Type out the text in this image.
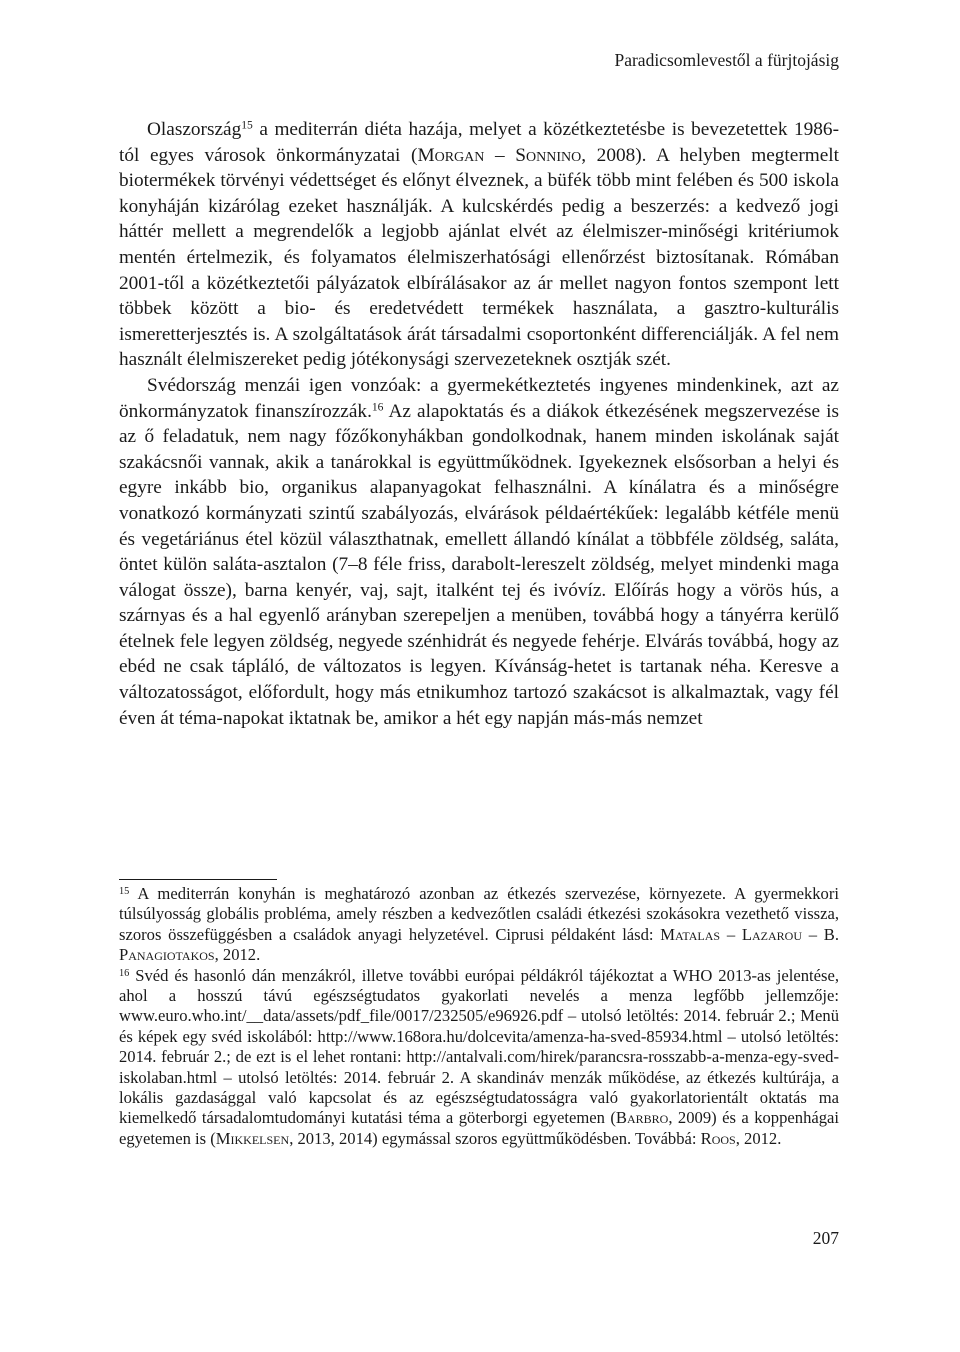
Paradicsomlevestől a fürjtojásig

Olaszország$^{15}$ a mediterrán diéta hazája, melyet a közétkeztetésbe is bevezetettek 1986-tól egyes városok önkormányzatai (Morgan – Sonnino, 2008). A helyben megtermelt biotermékek törvényi védettséget és előnyt élveznek, a büfék több mint felében és 500 iskola konyháján kizárólag ezeket használják. A kulcskérdés pedig a beszerzés: a kedvező jogi háttér mellett a megrendelők a legjobb ajánlat elvét az élelmiszer-minőségi kritériumok mentén értelmezik, és folyamatos élelmiszerhatósági ellenőrzést biztosítanak. Rómában 2001-től a közétkeztetői pályázatok elbírálásakor az ár mellet nagyon fontos szempont lett többek között a bio- és eredetvédett termékek használata, a gasztro-kulturális ismeretterjesztés is. A szolgáltatások árát társadalmi csoportonként differenciálják. A fel nem használt élelmiszereket pedig jótékonysági szervezeteknek osztják szét.

Svédország menzái igen vonzóak: a gyermekétkeztetés ingyenes mindenkinek, azt az önkormányzatok finanszírozzák.$^{16}$ Az alapoktatás és a diákok étkezésének megszervezése is az ő feladatuk, nem nagy főzőkonyhákban gondolkodnak, hanem minden iskolának saját szakácsnői vannak, akik a tanárokkal is együttműködnek. Igyekeznek elsősorban a helyi és egyre inkább bio, organikus alapanyagokat felhasználni. A kínálatra és a minőségre vonatkozó kormányzati szintű szabályozás, elvárások példaértékűek: legalább kétféle menü és vegetáriánus étel közül választhatnak, emellett állandó kínálat a többféle zöldség, saláta, öntet külön saláta-asztalon (7–8 féle friss, darabolt-lereszelt zöldség, melyet mindenki maga válogat össze), barna kenyér, vaj, sajt, italként tej és ivóvíz. Előírás hogy a vörös hús, a szárnyas és a hal egyenlő arányban szerepeljen a menüben, továbbá hogy a tányérra kerülő ételnek fele legyen zöldség, negyede szénhidrát és negyede fehérje. Elvárás továbbá, hogy az ebéd ne csak tápláló, de változatos is legyen. Kívánság-hetet is tartanak néha. Keresve a változatosságot, előfordult, hogy más etnikumhoz tartozó szakácsot is alkalmaztak, vagy fél éven át téma-napokat iktatnak be, amikor a hét egy napján más-más nemzet

$^{15}$ A mediterrán konyhán is meghatározó azonban az étkezés szervezése, környezete. A gyermekkori túlsúlyosság globális probléma, amely részben a kedvezőtlen családi étkezési szokásokra vezethető vissza, szoros összefüggésben a családok anyagi helyzetével. Ciprusi példaként lásd: Matalas – Lazarou – B. Panagiotakos, 2012.

$^{16}$ Svéd és hasonló dán menzákról, illetve további európai példákról tájékoztat a WHO 2013-as jelentése, ahol a hosszú távú egészségtudatos gyakorlati nevelés a menza legfőbb jellemzője: www.euro.who.int/__data/assets/pdf_file/0017/232505/e96926.pdf – utolsó letöltés: 2014. február 2.; Menü és képek egy svéd iskolából: http://www.168ora.hu/dolcevita/amenza-ha-sved-85934.html – utolsó letöltés: 2014. február 2.; de ezt is el lehet rontani: http://antalvali.com/hirek/parancsra-rosszabb-a-menza-egy-sved-iskolaban.html – utolsó letöltés: 2014. február 2. A skandináv menzák működése, az étkezés kultúrája, a lokális gazdasággal való kapcsolat és az egészségtudatosságra való gyakorlatorientált oktatás ma kiemelkedő társadalomtudományi kutatási téma a göterborgi egyetemen (Barbro, 2009) és a koppenhágai egyetemen is (Mikkelsen, 2013, 2014) egymással szoros együttműködésben. Továbbá: Roos, 2012.

207
